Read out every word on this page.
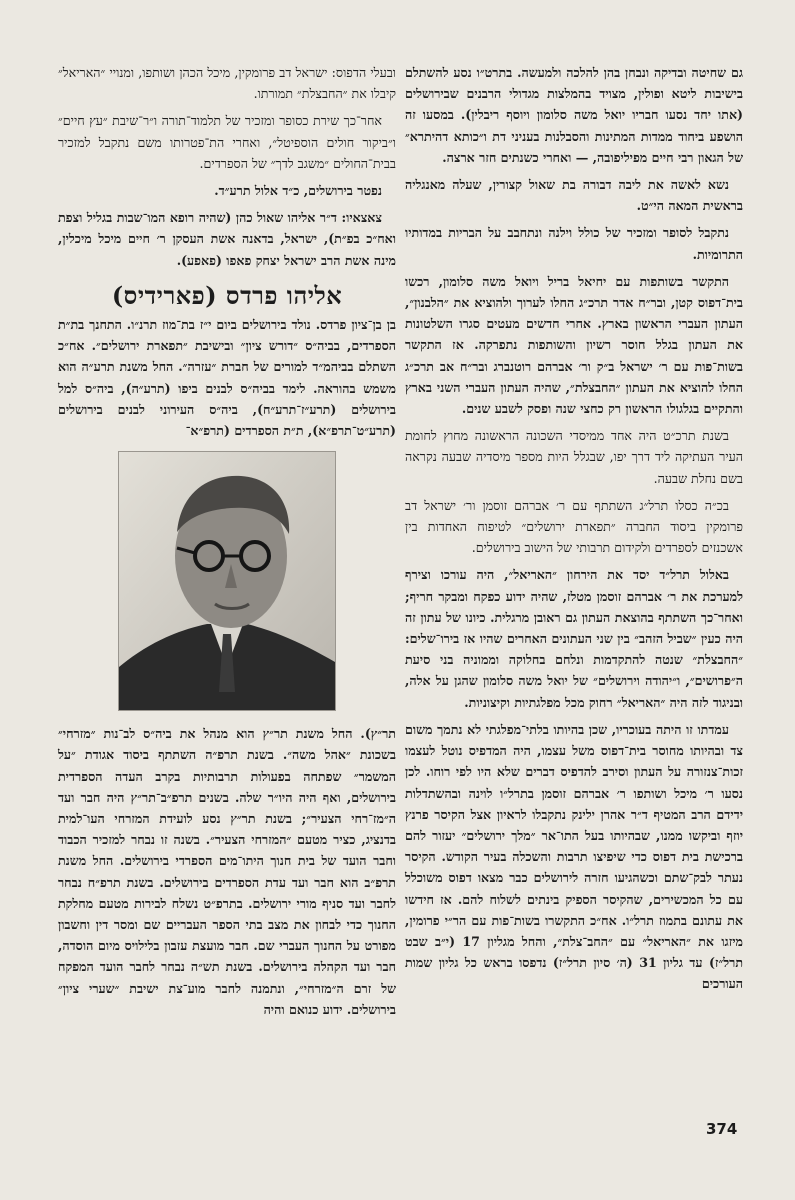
גם שחיטה ובדיקה ונבחן בהן להלכה ולמעשה. בתרט״ו נסע להשתלם בישיבות ליטא ופולין, מצויד בהמלצות מגדולי הרבנים שבירושלים (אתו יחד נסעו חבריו יואל משה סלומון ויוסף ריבלין). במסעו זה הושפע ביחוד ממדות המתינות והסבלנות בעניני דת ו״כותא דהיתרא״ של הגאון רבי חיים מפיליפובה, — ואחרי כשנתים חזר ארצה.

נשא לאשה את ליבה דבורה בת שאול קצורין, שעלה מאנגליה בראשית המאה הי״ט.

נתקבל לסופר ומזכיר של כולל וילנה ונתחבב על הבריות במדותיו התרומיות.

התקשר בשותפות עם יחיאל בריל ויואל משה סלומון, רכשו בית־דפוס קטן, ובר״ח אדר תרכ״ג החלו לערוך ולהוציא את ״הלבנון״, העתון העברי הראשון בארץ. אחרי חדשים מעטים סגרו השלטונות את העתון בגלל חוסר רשיון והשותפות נתפרקה. אז התקשר בשות־פות עם ר׳ ישראל ב״ק ור׳ אברהם רוטנברג ובר״ח אב תרכ״ג החלו להוציא את העתון ״החבצלת״, שהיה העתון העברי השני בארץ והתקיים בגלגולו הראשון רק כחצי שנה ופסק לשבע שנים.

בשנת תרכ״ט היה אחד ממיסדי השכונה הראשונה מחוץ לחומת העיר העתיקה ליד דרך יפו, שבגלל היות מספר מיסדיה שבעה נקראה בשם נחלת שבעה.

בכ״ה כסלו תרל״ג השתתף עם ר׳ אברהם זוסמן ור׳ ישראל דב פרומקין ביסוד החברה ״תפארת ירושלים״ לטיפוח האחדות בין אשכנזים לספרדים ולקידום תרבותי של הישוב בירושלים.

באלול תרל״ד יסד את הירחון ״האריאל״, היה עורכו וצירף למערכת את ר׳ אברהם זוסמן מטלז, שהיה ידוע כפקח ומבקר חריף; ואחר־כך השתתף בהוצאת העתון גם ראובן מרגלית. כיונו של עתון זה היה כעין ״שביל הזהב״ בין שני העתונים האחרים שהיו אז בירו־שלים: ״החבצלת״ שנטה להתקדמות ונלחם בחלוקה וממוניה בני סיעת ה״פרושים״, ו״יהודה וירושלים״ של יואל משה סלומון שהגן על אלה, ובניגוד לזה היה ״האריאל״ רחוק מכל מפלגתיות וקיצוניות.

עמדתו זו היתה בעוכריו, שכן בהיותו בלתי־מפלגתי לא נתמך משום צד ובהיותו מחוסר בית־דפוס משל עצמו, היה המדפיס נוטל לעצמו זכות־צנזורה על העתון וסירב להדפיס דברים שלא היו לפי רוחו. לכן נסעו ר׳ מיכל ושותפו ר׳ אברהם זוסמן בתרל״ו לוינה ובהשתדלות ידידם הרב המטיף ד״ר אהרן ילינק נתקבלו לראיון אצל הקיסר פרנץ יוזף וביקשו ממנו, שבהיותו בעל התו־אר ״מלך ירושלים״ יעזור להם ברכישת בית דפוס כדי שיפיצו תרבות והשכלה בעיר הקודש. הקיסר נעתר לבק־שתם וכשהגיעו חזרה לירושלים כבר מצאו דפוס משוכלל עם כל המכשירים, שהקיסר הספיק בינתים לשלוח להם. אז חידשו את עתונם בתמוז תרל״ו. אח״כ התקשרו בשות־פות עם הר״י פרומין, מיזגו את ״האריאל״ עם ״החב־צלת״, והחל מגליון 17 (י״ב שבט תרל״ז) עד גליון 31 (ה׳ סיון תרל״ז) נדפסו בראש כל גליון שמות העורכים

ובעלי הדפוס: ישראל דב פרומקין, מיכל הכהן ושותפו, ומנויי ״האריאל״ קיבלו את ״החבצלת״ תמורתו.

אחר־כך שירת כסופר ומזכיר של תלמוד־תורה ו״ר־שיבת ״עץ חיים״ ו״ביקור חולים הוספיטל״, ואחרי הת־פטרותו משם נתקבל למזכיר בבית־החולים ״משגב לדך״ של הספרדים.

נפטר בירושלים, כ״ד אלול תרע״ד.

צאצאיו: ד״ר אליהו שאול כהן (שהיה רופא המו־שבות בגליל וצפת ואח״כ בפ״ת), ישראל, בדאנה אשת העסקן ר׳ חיים מיכל מיכלין, מינה אשת הרב ישראל יצחק פאפו (פאפע).

אליהו פרדס (פארידיס)

בן בן־ציון פרדס. נולד בירושלים ביום י״ז בת־מוז תרנ״ו. התחנך בת״ת הספרדים, בביה״ס ״דורש ציון״ ובישיבת ״תפארת ירושלים״. אח״כ השתלם בביהמ״ד למורים של חברת ״עזרה״. החל משנת תרע״ה הוא משמש בהוראה. לימד בביה״ס לבנים ביפו (תרע״ה), ביה״ס למל בירושלים (תרע״ז־תרע״ח), ביה״ס העירוני לבנים בירושלים (תרע״ט־תרפ״א), ת״ת הספרדים (תרפ״א־

תר״ץ). החל משנת תר״ץ הוא מנהל את ביה״ס לב־נות ״מזרחי״ בשכונת ״אהל משה״. בשנת תרפ״ה השתתף ביסוד אגודת ״על המשמר״ שפתחה בפעולות תרבותיות בקרב העדה הספרדית בירושלים, ואף היה היו״ר שלה. בשנים תרפ״ב־תר״ץ היה חבר ועד ה״מז־רחי הצעיר״; בשנת תר״ץ נסע לועידת המזרחי העו־למית בדנציג, כציר מטעם ״המזרחי הצעיר״. בשנה זו נבחר למזכיר הכבוד וחבר הועד של בית חנוך היתו־מים הספרדי בירושלים. החל משנת תרפ״ב הוא חבר ועד עדת הספרדים בירושלים. בשנת תרפ״ח נבחר לחבר ועד סניף מורי ירושלים. בתרפ״ט נשלח לבירות מטעם מחלקת החנוך כדי לבחון את מצב בתי הספר העבריים שם ומסר דין וחשבון מפורט על החנוך העברי שם. חבר מועצת עזבון בלילויס מיום הוסדה, חבר ועד הקהלה בירושלים. בשנת תש״ה נבחר לחבר הועד המפקח של זרם ה״מזרחי״, ונתמנה לחבר מוע־צת ישיבת ״שערי ציון״ בירושלים. ידוע כנואם והיה

374
